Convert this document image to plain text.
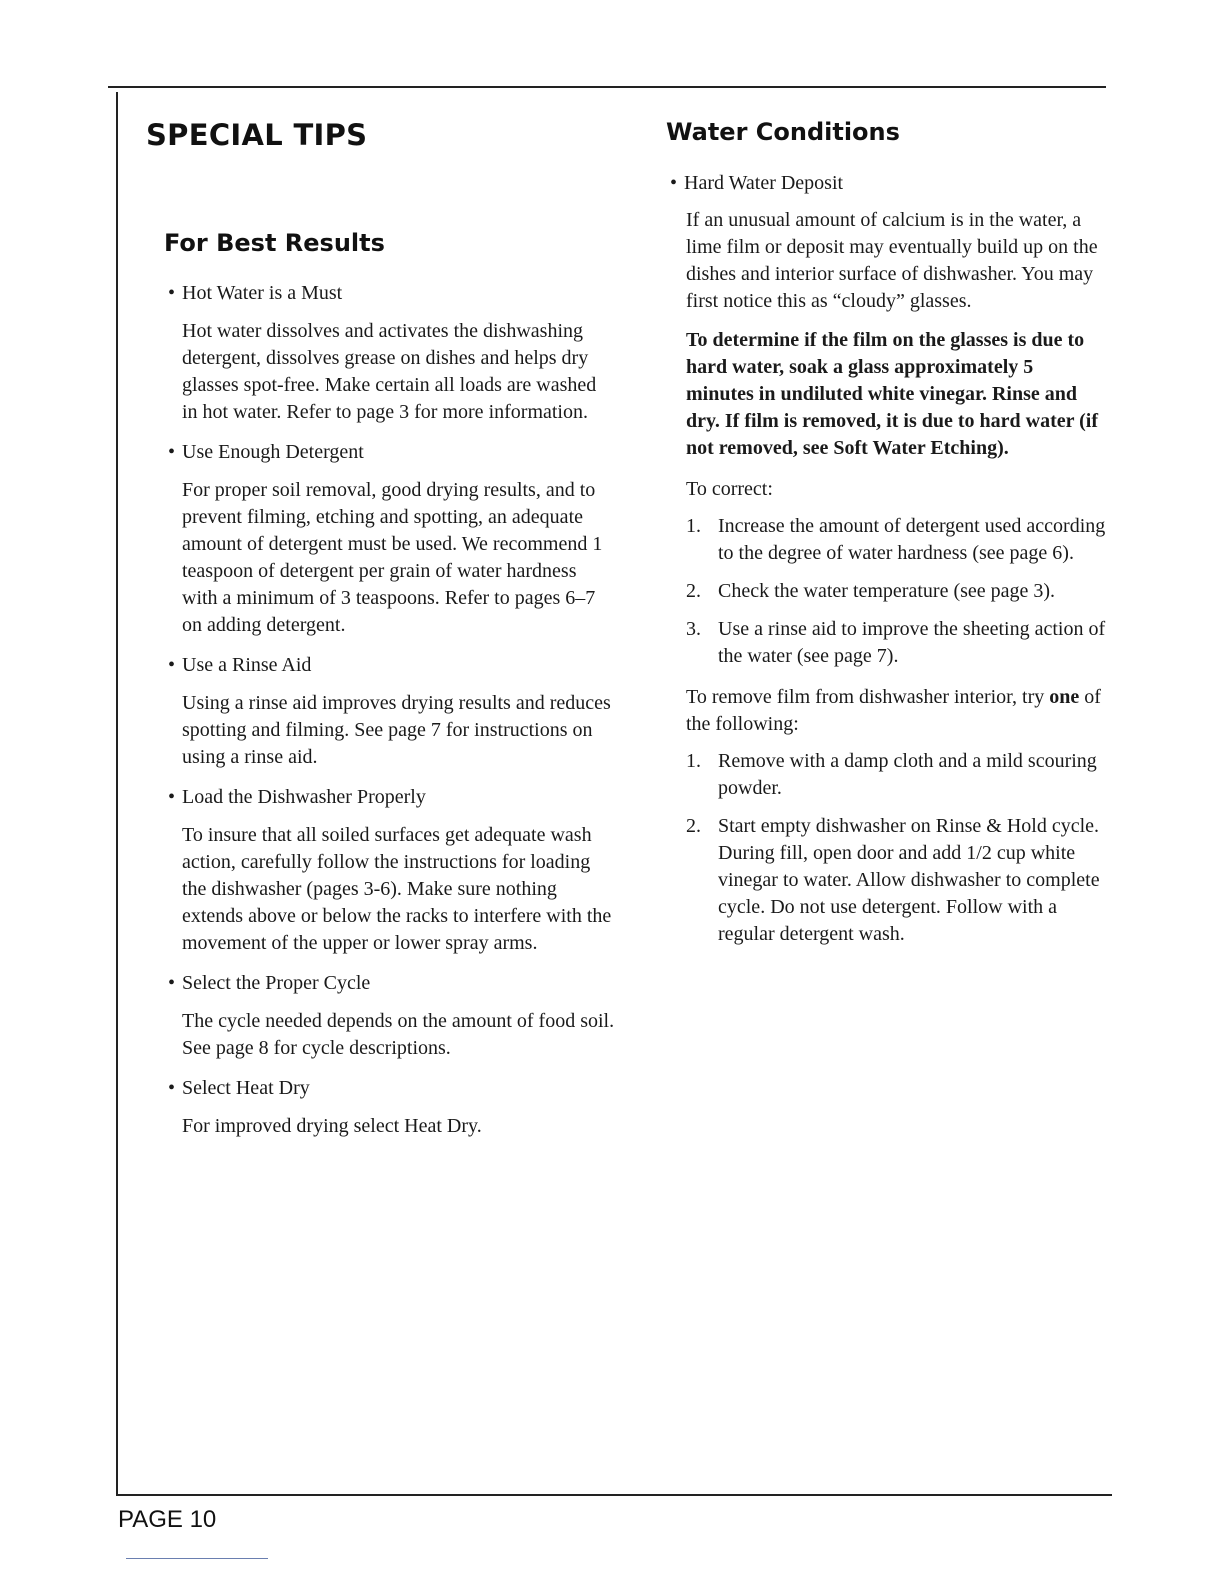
SPECIAL TIPS
For Best Results

• Hot Water is a Must

Hot water dissolves and activates the dishwashing detergent, dissolves grease on dishes and helps dry glasses spot-free. Make certain all loads are washed in hot water. Refer to page 3 for more information.

• Use Enough Detergent

For proper soil removal, good drying results, and to prevent filming, etching and spotting, an adequate amount of detergent must be used. We recommend 1 teaspoon of detergent per grain of water hardness with a minimum of 3 teaspoons. Refer to pages 6–7 on adding detergent.

• Use a Rinse Aid

Using a rinse aid improves drying results and reduces spotting and filming. See page 7 for instructions on using a rinse aid.

• Load the Dishwasher Properly

To insure that all soiled surfaces get adequate wash action, carefully follow the instructions for loading the dishwasher (pages 3-6). Make sure nothing extends above or below the racks to interfere with the movement of the upper or lower spray arms.

• Select the Proper Cycle

The cycle needed depends on the amount of food soil. See page 8 for cycle descriptions.

• Select Heat Dry

For improved drying select Heat Dry.

Water Conditions

• Hard Water Deposit

If an unusual amount of calcium is in the water, a lime film or deposit may eventually build up on the dishes and interior surface of dishwasher. You may first notice this as “cloudy” glasses.

To determine if the film on the glasses is due to hard water, soak a glass approximately 5 minutes in undiluted white vinegar. Rinse and dry. If film is removed, it is due to hard water (if not removed, see Soft Water Etching).

To correct:

1. Increase the amount of detergent used according to the degree of water hardness (see page 6).
2. Check the water temperature (see page 3).
3. Use a rinse aid to improve the sheeting action of the water (see page 7).

To remove film from dishwasher interior, try one of the following:

1. Remove with a damp cloth and a mild scouring powder.
2. Start empty dishwasher on Rinse & Hold cycle. During fill, open door and add 1/2 cup white vinegar to water. Allow dishwasher to complete cycle. Do not use detergent. Follow with a regular detergent wash.
PAGE 10
